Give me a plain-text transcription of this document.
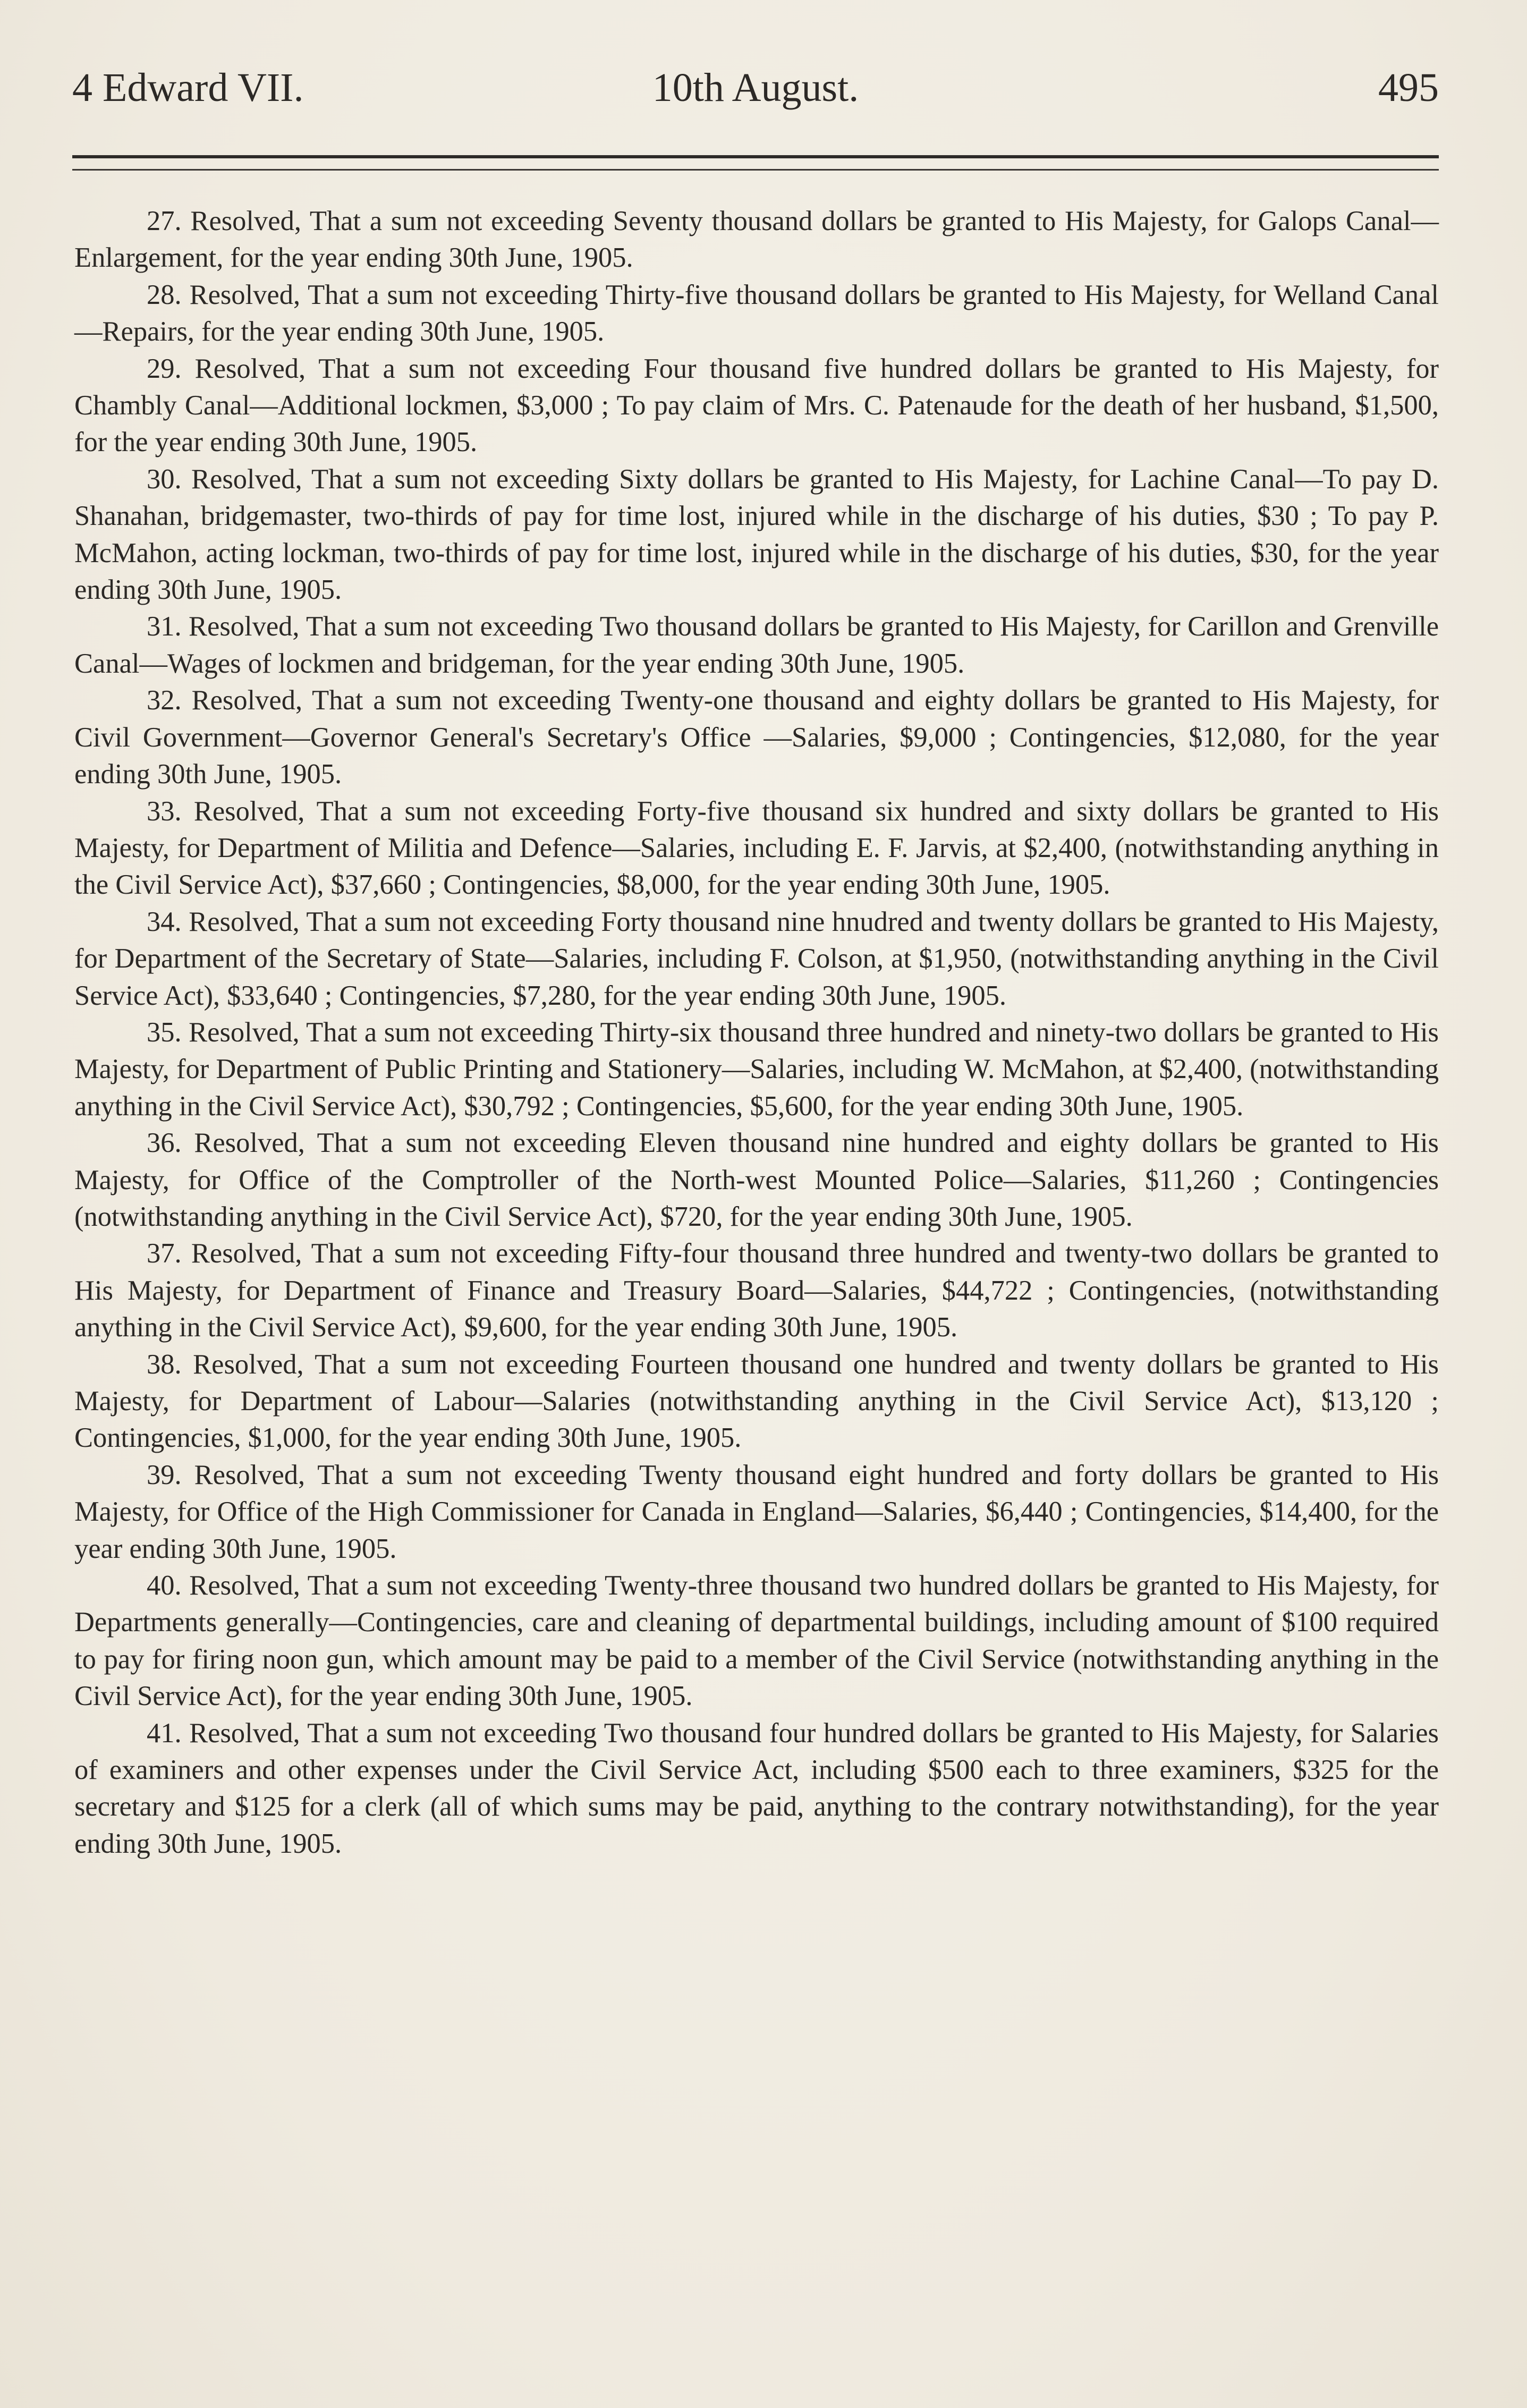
4 Edward VII.	10th August.	495

27. Resolved, That a sum not exceeding Seventy thousand dollars be granted to His Majesty, for Galops Canal—Enlargement, for the year ending 30th June, 1905.

28. Resolved, That a sum not exceeding Thirty-five thousand dollars be granted to His Majesty, for Welland Canal—Repairs, for the year ending 30th June, 1905.

29. Resolved, That a sum not exceeding Four thousand five hundred dollars be granted to His Majesty, for Chambly Canal—Additional lockmen, $3,000 ; To pay claim of Mrs. C. Patenaude for the death of her husband, $1,500, for the year ending 30th June, 1905.

30. Resolved, That a sum not exceeding Sixty dollars be granted to His Majesty, for Lachine Canal—To pay D. Shanahan, bridgemaster, two-thirds of pay for time lost, injured while in the discharge of his duties, $30 ; To pay P. McMahon, acting lockman, two-thirds of pay for time lost, injured while in the discharge of his duties, $30, for the year ending 30th June, 1905.

31. Resolved, That a sum not exceeding Two thousand dollars be granted to His Majesty, for Carillon and Grenville Canal—Wages of lockmen and bridgeman, for the year ending 30th June, 1905.

32. Resolved, That a sum not exceeding Twenty-one thousand and eighty dollars be granted to His Majesty, for Civil Government—Governor General's Secretary's Office —Salaries, $9,000 ; Contingencies, $12,080, for the year ending 30th June, 1905.

33. Resolved, That a sum not exceeding Forty-five thousand six hundred and sixty dollars be granted to His Majesty, for Department of Militia and Defence—Salaries, including E. F. Jarvis, at $2,400, (notwithstanding anything in the Civil Service Act), $37,660 ; Contingencies, $8,000, for the year ending 30th June, 1905.

34. Resolved, That a sum not exceeding Forty thousand nine hnudred and twenty dollars be granted to His Majesty, for Department of the Secretary of State—Salaries, including F. Colson, at $1,950, (notwithstanding anything in the Civil Service Act), $33,640 ; Contingencies, $7,280, for the year ending 30th June, 1905.

35. Resolved, That a sum not exceeding Thirty-six thousand three hundred and ninety-two dollars be granted to His Majesty, for Department of Public Printing and Stationery—Salaries, including W. McMahon, at $2,400, (notwithstanding anything in the Civil Service Act), $30,792 ; Contingencies, $5,600, for the year ending 30th June, 1905.

36. Resolved, That a sum not exceeding Eleven thousand nine hundred and eighty dollars be granted to His Majesty, for Office of the Comptroller of the North-west Mounted Police—Salaries, $11,260 ; Contingencies (notwithstanding anything in the Civil Service Act), $720, for the year ending 30th June, 1905.

37. Resolved, That a sum not exceeding Fifty-four thousand three hundred and twenty-two dollars be granted to His Majesty, for Department of Finance and Treasury Board—Salaries, $44,722 ; Contingencies, (notwithstanding anything in the Civil Service Act), $9,600, for the year ending 30th June, 1905.

38. Resolved, That a sum not exceeding Fourteen thousand one hundred and twenty dollars be granted to His Majesty, for Department of Labour—Salaries (notwithstanding anything in the Civil Service Act), $13,120 ; Contingencies, $1,000, for the year ending 30th June, 1905.

39. Resolved, That a sum not exceeding Twenty thousand eight hundred and forty dollars be granted to His Majesty, for Office of the High Commissioner for Canada in England—Salaries, $6,440 ; Contingencies, $14,400, for the year ending 30th June, 1905.

40. Resolved, That a sum not exceeding Twenty-three thousand two hundred dollars be granted to His Majesty, for Departments generally—Contingencies, care and cleaning of departmental buildings, including amount of $100 required to pay for firing noon gun, which amount may be paid to a member of the Civil Service (notwithstanding anything in the Civil Service Act), for the year ending 30th June, 1905.

41. Resolved, That a sum not exceeding Two thousand four hundred dollars be granted to His Majesty, for Salaries of examiners and other expenses under the Civil Service Act, including $500 each to three examiners, $325 for the secretary and $125 for a clerk (all of which sums may be paid, anything to the contrary notwithstanding), for the year ending 30th June, 1905.
